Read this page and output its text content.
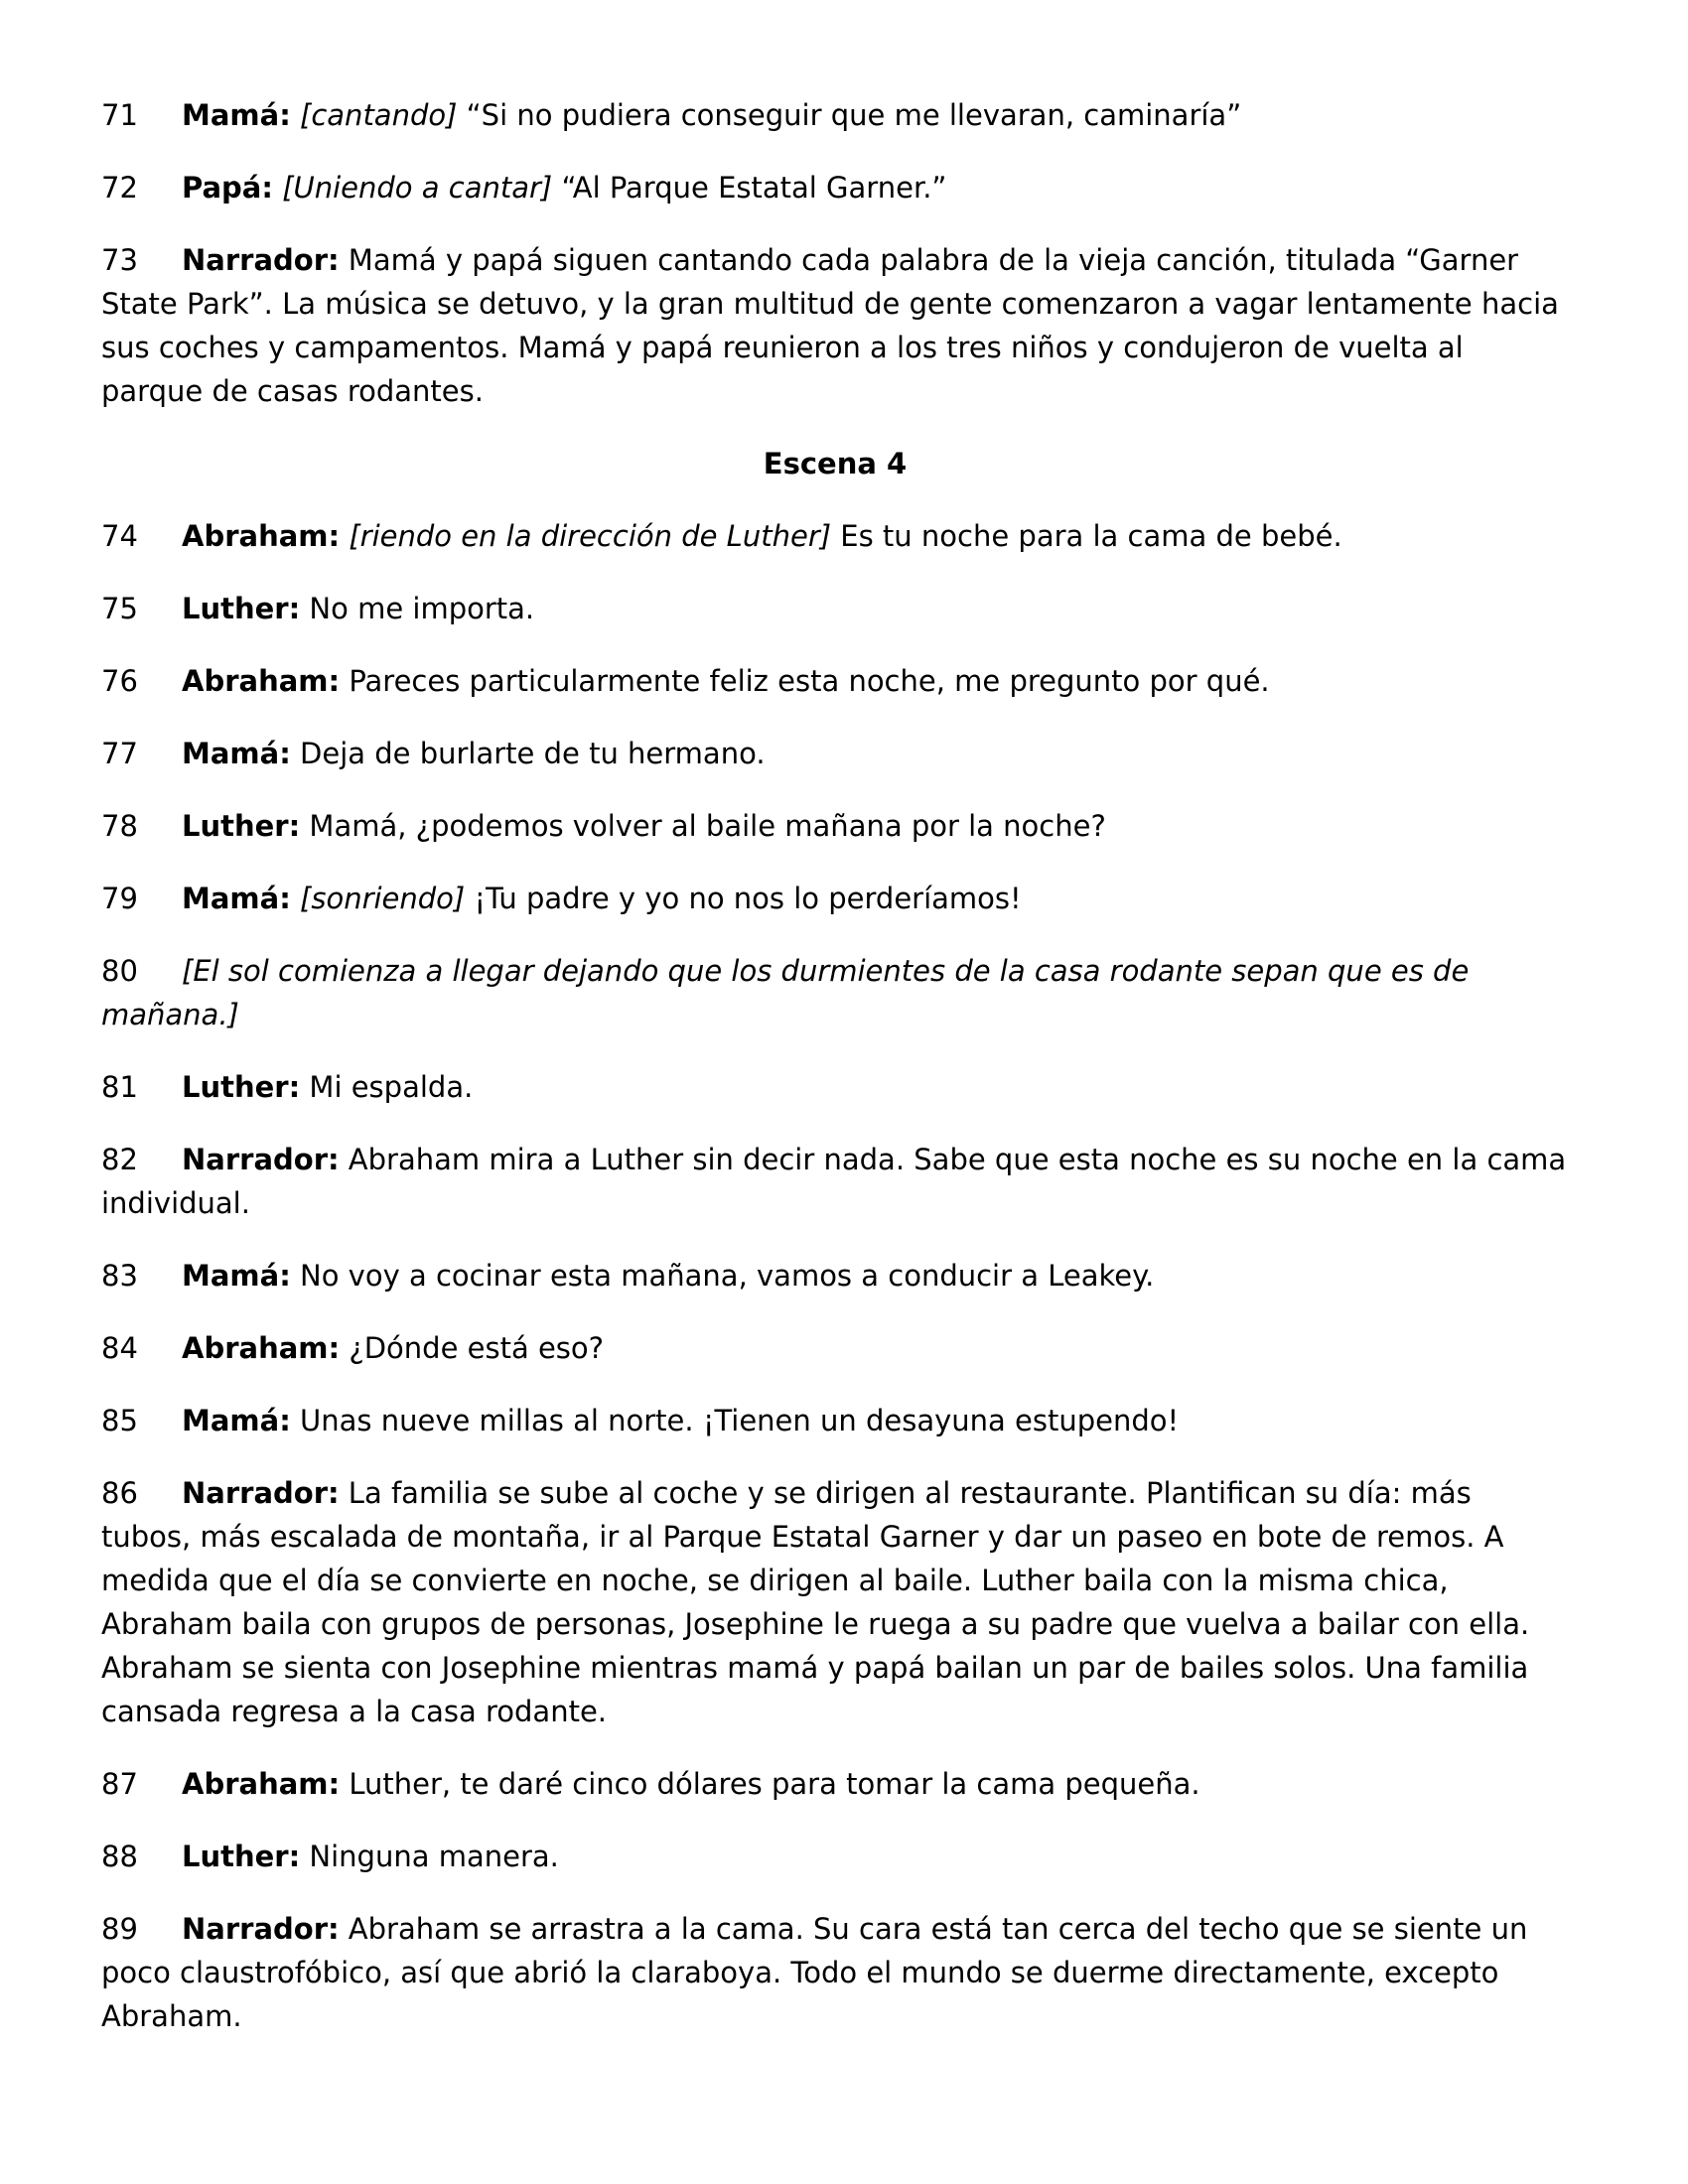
71 Mamá: [cantando] “Si no pudiera conseguir que me llevaran, caminaría”

72 Papá: [Uniendo a cantar] “Al Parque Estatal Garner.”

73 Narrador: Mamá y papá siguen cantando cada palabra de la vieja canción, titulada “Garner State Park”. La música se detuvo, y la gran multitud de gente comenzaron a vagar lentamente hacia sus coches y campamentos. Mamá y papá reunieron a los tres niños y condujeron de vuelta al parque de casas rodantes.

Escena 4

74 Abraham: [riendo en la dirección de Luther] Es tu noche para la cama de bebé.

75 Luther: No me importa.

76 Abraham: Pareces particularmente feliz esta noche, me pregunto por qué.

77 Mamá: Deja de burlarte de tu hermano.

78 Luther: Mamá, ¿podemos volver al baile mañana por la noche?

79 Mamá: [sonriendo] ¡Tu padre y yo no nos lo perderíamos!

80 [El sol comienza a llegar dejando que los durmientes de la casa rodante sepan que es de mañana.]

81 Luther: Mi espalda.

82 Narrador: Abraham mira a Luther sin decir nada. Sabe que esta noche es su noche en la cama individual.

83 Mamá: No voy a cocinar esta mañana, vamos a conducir a Leakey.

84 Abraham: ¿Dónde está eso?

85 Mamá: Unas nueve millas al norte. ¡Tienen un desayuna estupendo!

86 Narrador: La familia se sube al coche y se dirigen al restaurante. Plantifican su día: más tubos, más escalada de montaña, ir al Parque Estatal Garner y dar un paseo en bote de remos. A medida que el día se convierte en noche, se dirigen al baile. Luther baila con la misma chica, Abraham baila con grupos de personas, Josephine le ruega a su padre que vuelva a bailar con ella. Abraham se sienta con Josephine mientras mamá y papá bailan un par de bailes solos. Una familia cansada regresa a la casa rodante.

87 Abraham: Luther, te daré cinco dólares para tomar la cama pequeña.

88 Luther: Ninguna manera.

89 Narrador: Abraham se arrastra a la cama. Su cara está tan cerca del techo que se siente un poco claustrofóbico, así que abrió la claraboya. Todo el mundo se duerme directamente, excepto Abraham.
